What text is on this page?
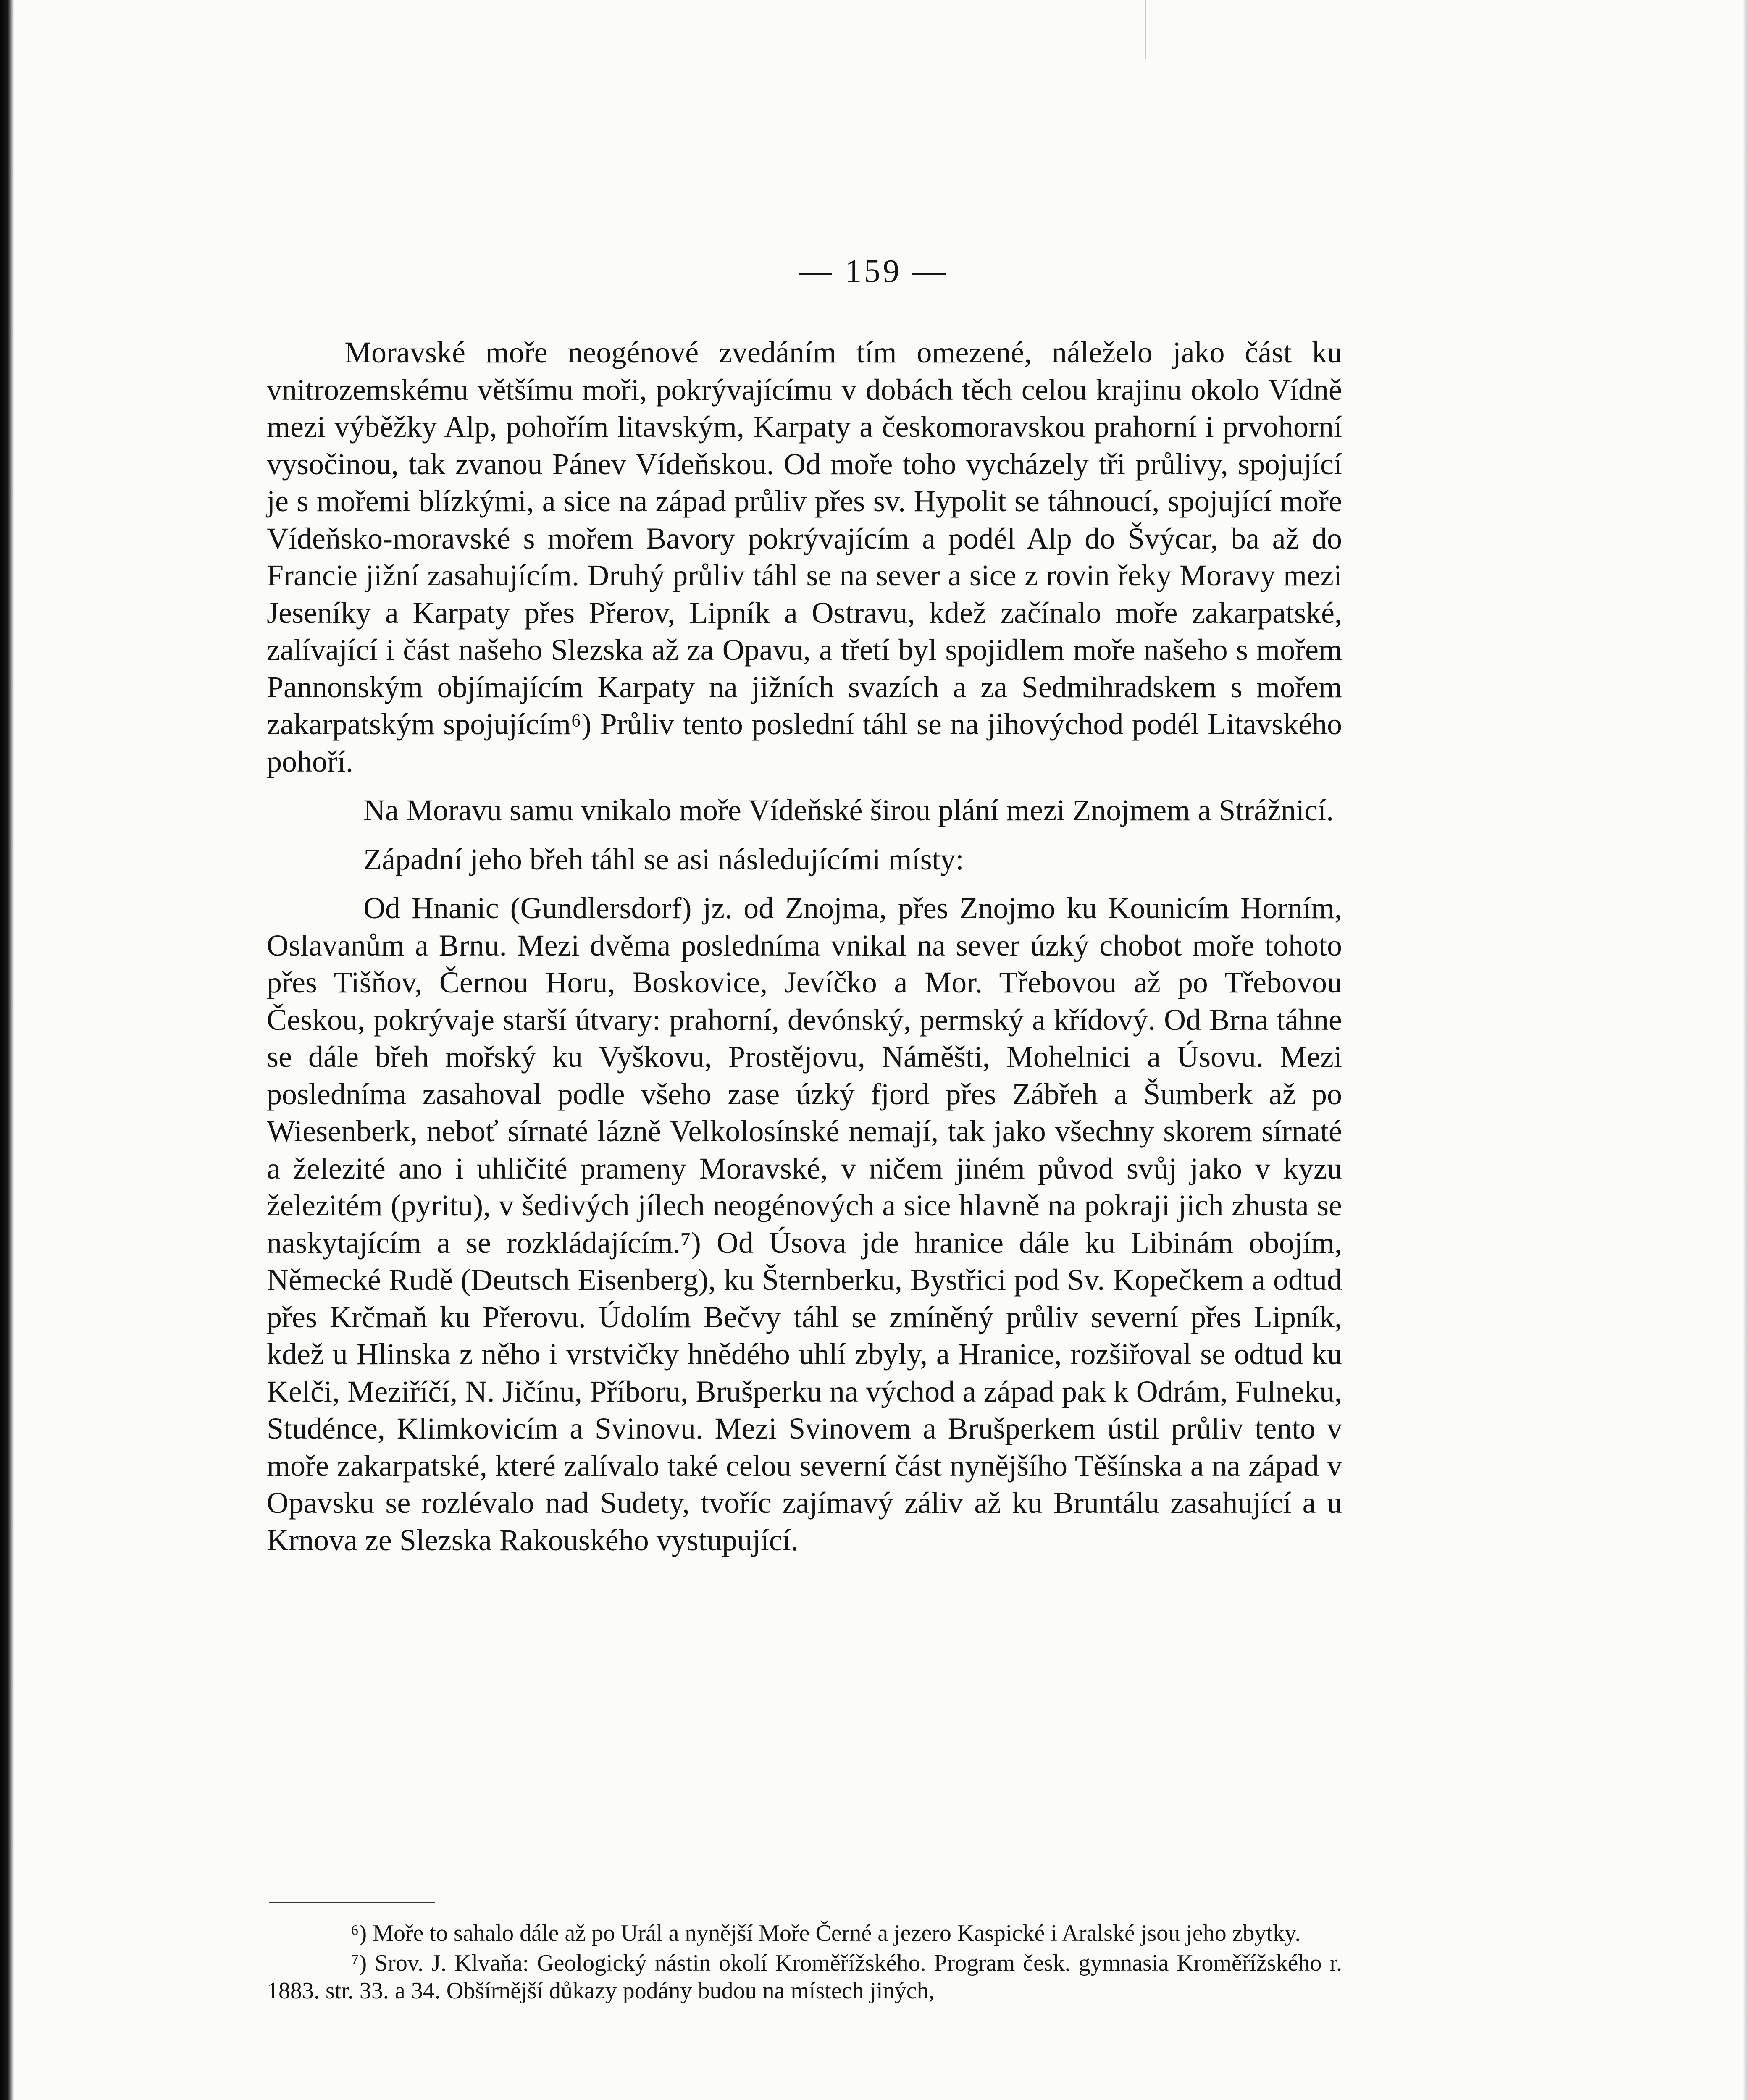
— 159 —

Moravské moře neogénové zvedáním tím omezené, náleželo jako část ku vnitrozemskému většímu moři, pokrývajícímu v dobách těch celou krajinu okolo Vídně mezi výběžky Alp, pohořím litavským, Karpaty a českomoravskou prahorní i prvohorní vysočinou, tak zvanou Pánev Vídeňskou. Od moře toho vycházely tři průlivy, spojující je s mořemi blízkými, a sice na západ průliv přes sv. Hypolit se táhnoucí, spojující moře Vídeňsko-moravské s mořem Bavory pokrývajícím a podél Alp do Švýcar, ba až do Francie jižní zasahujícím. Druhý průliv táhl se na sever a sice z rovin řeky Moravy mezi Jeseníky a Karpaty přes Přerov, Lipník a Ostravu, kdež začínalo moře zakarpatské, zalívající i část našeho Slezska až za Opavu, a třetí byl spojidlem moře našeho s mořem Pannonským objímajícím Karpaty na jižních svazích a za Sedmihradskem s mořem zakarpatským spojujícím⁶) Průliv tento poslední táhl se na jihovýchod podél Litavského pohoří.

Na Moravu samu vnikalo moře Vídeňské širou plání mezi Znojmem a Strážnicí.

Západní jeho břeh táhl se asi následujícími místy:

Od Hnanic (Gundlersdorf) jz. od Znojma, přes Znojmo ku Kounicím Horním, Oslavanům a Brnu. Mezi dvěma posledníma vnikal na sever úzký chobot moře tohoto přes Tišňov, Černou Horu, Boskovice, Jevíčko a Mor. Třebovou až po Třebovou Českou, pokrývaje starší útvary: prahorní, devónský, permský a křídový. Od Brna táhne se dále břeh mořský ku Vyškovu, Prostějovu, Náměšti, Mohelnici a Úsovu. Mezi posledníma zasahoval podle všeho zase úzký fjord přes Zábřeh a Šumberk až po Wiesenberk, neboť sírnaté lázně Velkolosínské nemají, tak jako všechny skorem sírnaté a železité ano i uhličité prameny Moravské, v ničem jiném původ svůj jako v kyzu železitém (pyritu), v šedivých jílech neogénových a sice hlavně na pokraji jich zhusta se naskytajícím a se rozkládajícím.⁷) Od Úsova jde hranice dále ku Libinám obojím, Německé Rudě (Deutsch Eisenberg), ku Šternberku, Bystřici pod Sv. Kopečkem a odtud přes Krčmaň ku Přerovu. Údolím Bečvy táhl se zmíněný průliv severní přes Lipník, kdež u Hlinska z něho i vrstvičky hnědého uhlí zbyly, a Hranice, rozšiřoval se odtud ku Kelči, Meziříčí, N. Jičínu, Příboru, Brušperku na východ a západ pak k Odrám, Fulneku, Studénce, Klimkovicím a Svinovu. Mezi Svinovem a Brušperkem ústil průliv tento v moře zakarpatské, které zalívalo také celou severní část nynějšího Těšínska a na západ v Opavsku se rozlévalo nad Sudety, tvoříc zajímavý záliv až ku Bruntálu zasahující a u Krnova ze Slezska Rakouského vystupující.

⁶) Moře to sahalo dále až po Urál a nynější Moře Černé a jezero Kaspické i Aralské jsou jeho zbytky.

⁷) Srov. J. Klvaňa: Geologický nástin okolí Kroměřížského. Program česk. gymnasia Kroměřížského r. 1883. str. 33. a 34. Obšírnější důkazy podány budou na místech jiných,
